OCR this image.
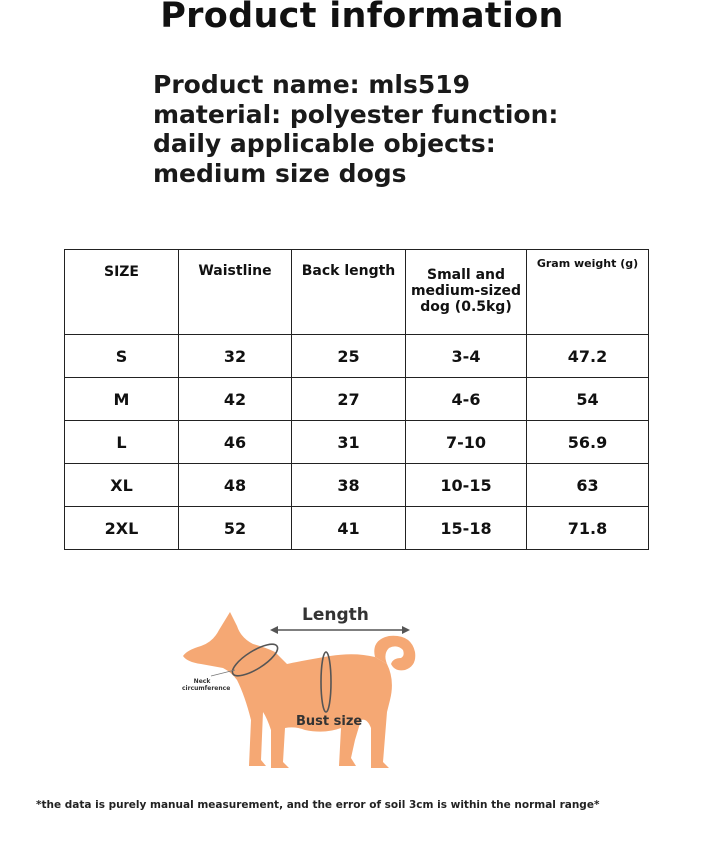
Product information
Product name: mls519
material: polyester function:
daily applicable objects:
medium size dogs
SIZE	Waistline	Back length	Small and medium-sized dog (0.5kg)	Gram weight (g)

S	32	25	3-4	47.2
M	42	27	4-6	54
L	46	31	7-10	56.9
XL	48	38	10-15	63
2XL	52	41	15-18	71.8
Length
Bust size
Neck circumference
*the data is purely manual measurement, and the error of soil 3cm is within the normal range*
